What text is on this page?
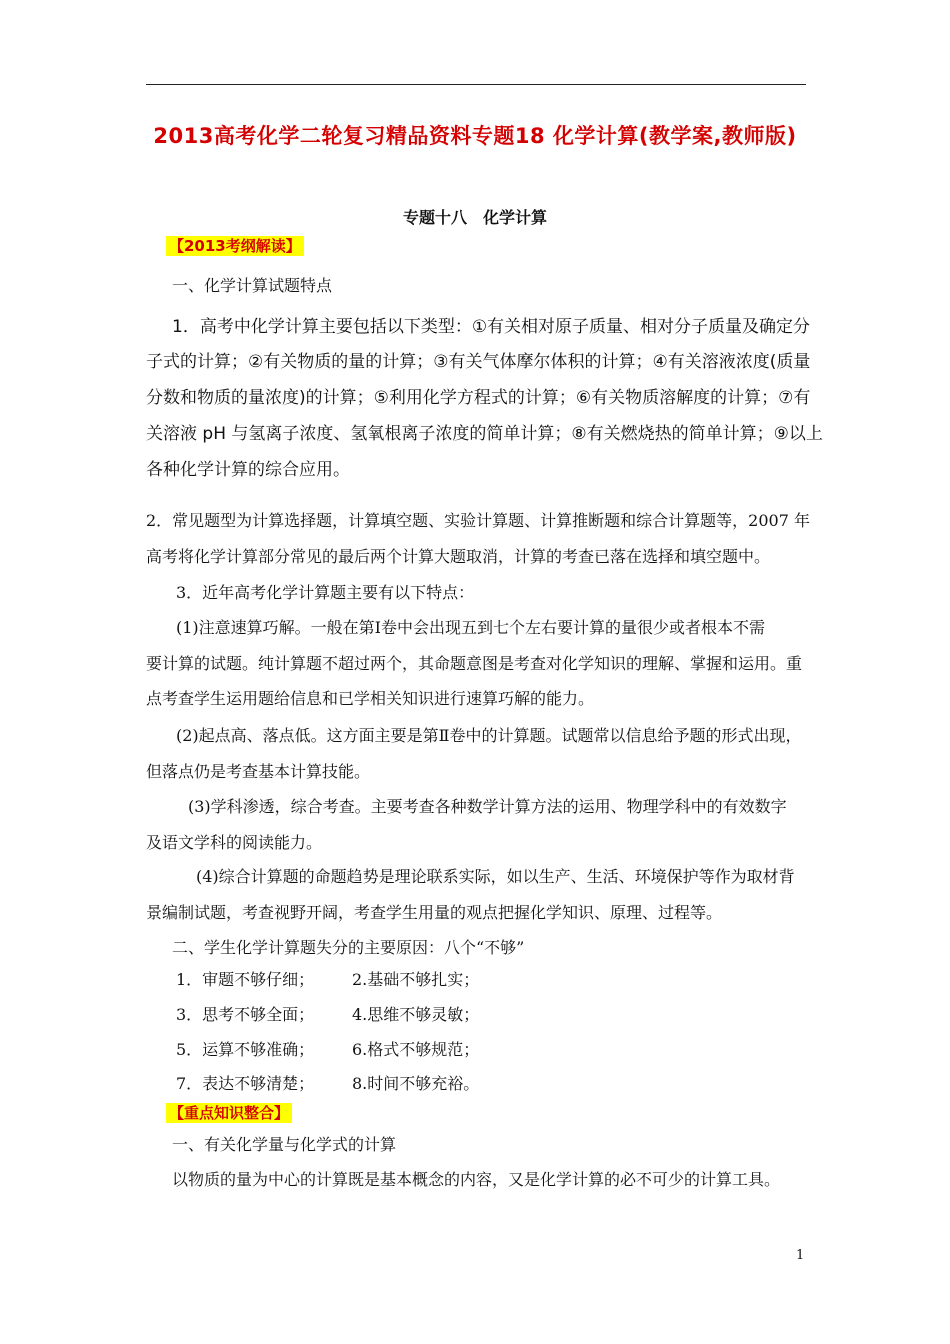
2013高考化学二轮复习精品资料专题18 化学计算(教学案,教师版)
专题十八　化学计算
【2013考纲解读】
一、化学计算试题特点
1．高考中化学计算主要包括以下类型：①有关相对原子质量、相对分子质量及确定分
子式的计算；②有关物质的量的计算；③有关气体摩尔体积的计算；④有关溶液浓度(质量
分数和物质的量浓度)的计算；⑤利用化学方程式的计算；⑥有关物质溶解度的计算；⑦有
关溶液 pH 与氢离子浓度、氢氧根离子浓度的简单计算；⑧有关燃烧热的简单计算；⑨以上
各种化学计算的综合应用。
2．常见题型为计算选择题，计算填空题、实验计算题、计算推断题和综合计算题等，2007 年
高考将化学计算部分常见的最后两个计算大题取消，计算的考查已落在选择和填空题中。
3．近年高考化学计算题主要有以下特点：
(1)注意速算巧解。一般在第Ⅰ卷中会出现五到七个左右要计算的量很少或者根本不需
要计算的试题。纯计算题不超过两个，其命题意图是考查对化学知识的理解、掌握和运用。重
点考查学生运用题给信息和已学相关知识进行速算巧解的能力。
(2)起点高、落点低。这方面主要是第Ⅱ卷中的计算题。试题常以信息给予题的形式出现，
但落点仍是考查基本计算技能。
(3)学科渗透，综合考查。主要考查各种数学计算方法的运用、物理学科中的有效数字
及语文学科的阅读能力。
(4)综合计算题的命题趋势是理论联系实际，如以生产、生活、环境保护等作为取材背
景编制试题，考查视野开阔，考查学生用量的观点把握化学知识、原理、过程等。
二、学生化学计算题失分的主要原因：八个“不够”
1．审题不够仔细； 2.基础不够扎实；
3．思考不够全面； 4.思维不够灵敏；
5．运算不够准确； 6.格式不够规范；
7．表达不够清楚； 8.时间不够充裕。
【重点知识整合】
一、有关化学量与化学式的计算
以物质的量为中心的计算既是基本概念的内容，又是化学计算的必不可少的计算工具。
1
